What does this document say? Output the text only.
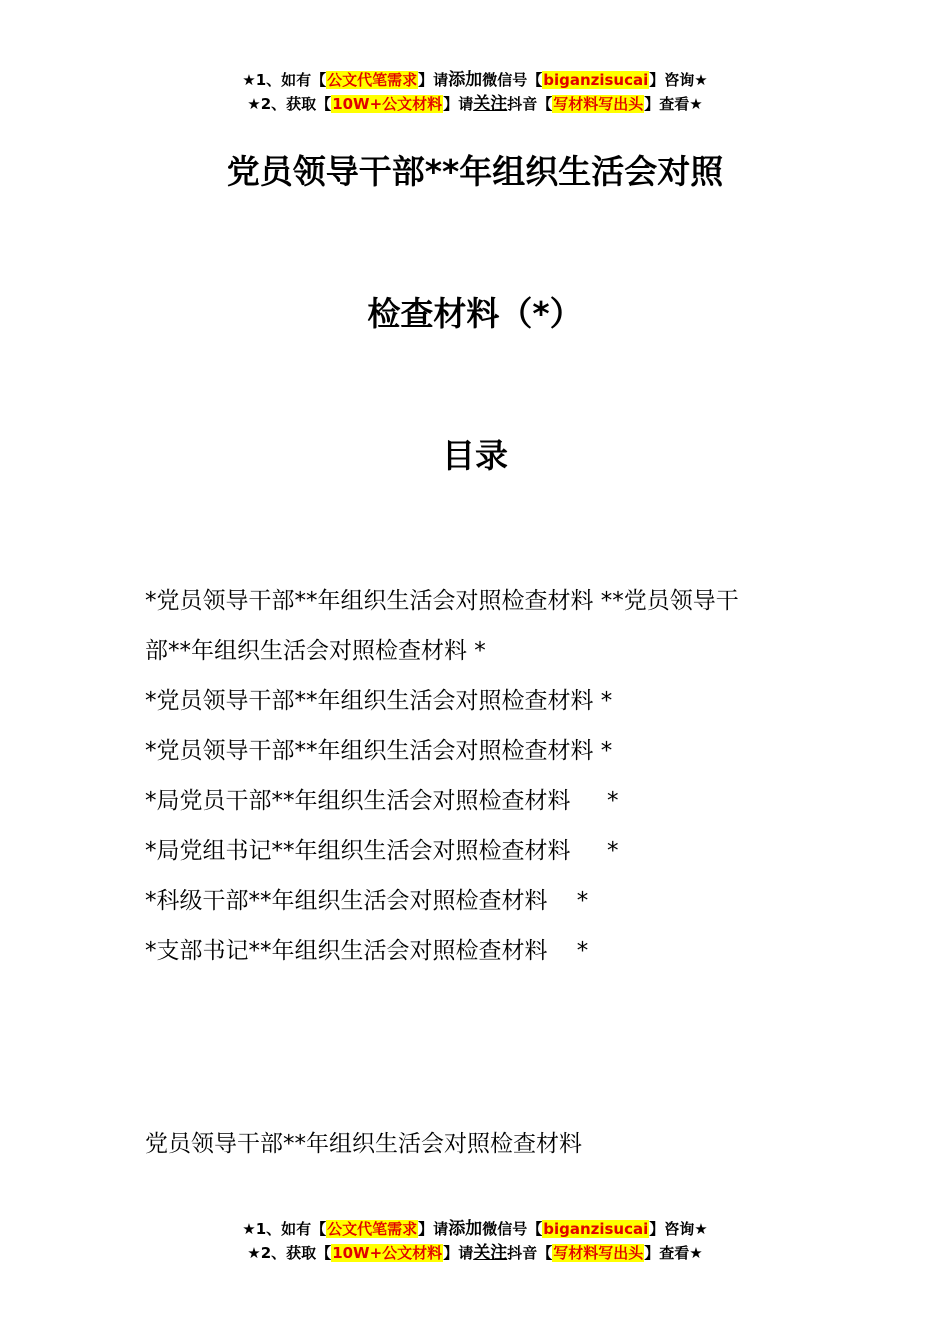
★1、如有【公文代笔需求】请添加微信号【biganzisucai】咨询★
★2、获取【10W+公文材料】请关注抖音【写材料写出头】查看★
党员领导干部**年组织生活会对照
检查材料（*）
目录
*党员领导干部**年组织生活会对照检查材料 **党员领导干
部**年组织生活会对照检查材料 *
*党员领导干部**年组织生活会对照检查材料 *
*党员领导干部**年组织生活会对照检查材料 *
*局党员干部**年组织生活会对照检查材料     *
*局党组书记**年组织生活会对照检查材料     *
*科级干部**年组织生活会对照检查材料    *
*支部书记**年组织生活会对照检查材料    *
党员领导干部**年组织生活会对照检查材料
★1、如有【公文代笔需求】请添加微信号【biganzisucai】咨询★
★2、获取【10W+公文材料】请关注抖音【写材料写出头】查看★
